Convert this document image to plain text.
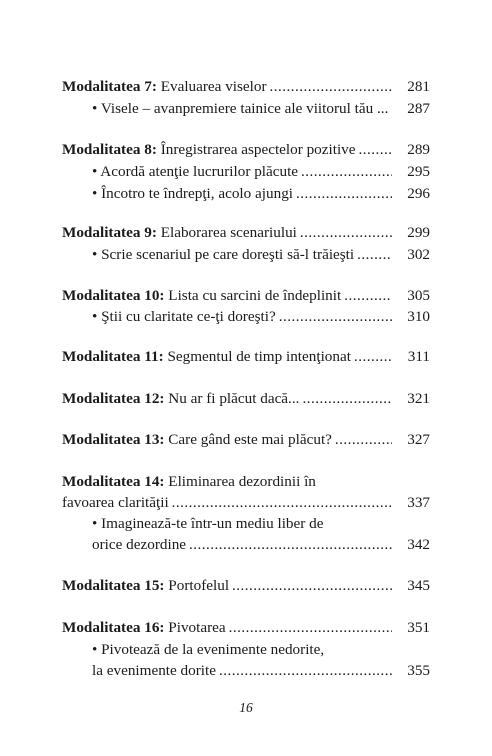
Modalitatea 7: Evaluarea viselor .....	281
• Visele – avanpremiere tainice ale viitorul tău ...	287
Modalitatea 8: Înregistrarea aspectelor pozitive .....	289
• Acordă atenţie lucrurilor plăcute .....	295
• Încotro te îndrepţi, acolo ajungi .....	296
Modalitatea 9: Elaborarea scenariului .....	299
• Scrie scenariul pe care doreşti să-l trăieşti .....	302
Modalitatea 10: Lista cu sarcini de îndeplinit .....	305
• Ştii cu claritate ce-ţi doreşti? .....	310
Modalitatea 11: Segmentul de timp intenţionat .....	311
Modalitatea 12: Nu ar fi plăcut dacă... .....	321
Modalitatea 13: Care gând este mai plăcut? .....	327
Modalitatea 14: Eliminarea dezordinii în
favoarea clarităţii .....	337
• Imaginează-te într-un mediu liber de
orice dezordine .....	342
Modalitatea 15: Portofelul .....	345
Modalitatea 16: Pivotarea .....	351
• Pivotează de la evenimente nedorite,
la evenimente dorite .....	355
16
